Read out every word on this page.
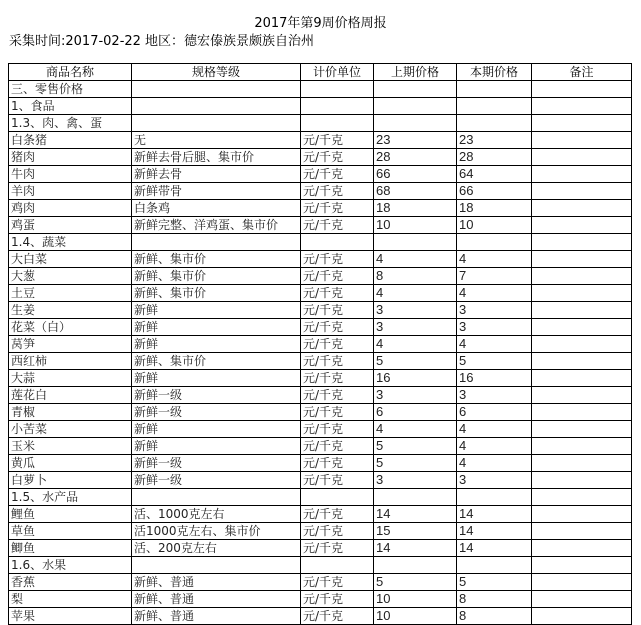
2017年第9周价格周报
采集时间:2017-02-22 地区：德宏傣族景颇族自治州
商品名称	规格等级	计价单位	上期价格	本期价格	备注
三、零售价格					
1、食品					
1.3、肉、禽、蛋					
白条猪	无	元/千克	23	23	
猪肉	新鲜去骨后腿、集市价	元/千克	28	28	
牛肉	新鲜去骨	元/千克	66	64	
羊肉	新鲜带骨	元/千克	68	66	
鸡肉	白条鸡	元/千克	18	18	
鸡蛋	新鲜完整、洋鸡蛋、集市价	元/千克	10	10	
1.4、蔬菜					
大白菜	新鲜、集市价	元/千克	4	4	
大葱	新鲜、集市价	元/千克	8	7	
土豆	新鲜、集市价	元/千克	4	4	
生姜	新鲜	元/千克	3	3	
花菜（白）	新鲜	元/千克	3	3	
莴笋	新鲜	元/千克	4	4	
西红柿	新鲜、集市价	元/千克	5	5	
大蒜	新鲜	元/千克	16	16	
莲花白	新鲜一级	元/千克	3	3	
青椒	新鲜一级	元/千克	6	6	
小苦菜	新鲜	元/千克	4	4	
玉米	新鲜	元/千克	5	4	
黄瓜	新鲜一级	元/千克	5	4	
白萝卜	新鲜一级	元/千克	3	3	
1.5、水产品					
鲤鱼	活、1000克左右	元/千克	14	14	
草鱼	活1000克左右、集市价	元/千克	15	14	
鲫鱼	活、200克左右	元/千克	14	14	
1.6、水果					
香蕉	新鲜、普通	元/千克	5	5	
梨	新鲜、普通	元/千克	10	8	
苹果	新鲜、普通	元/千克	10	8	
